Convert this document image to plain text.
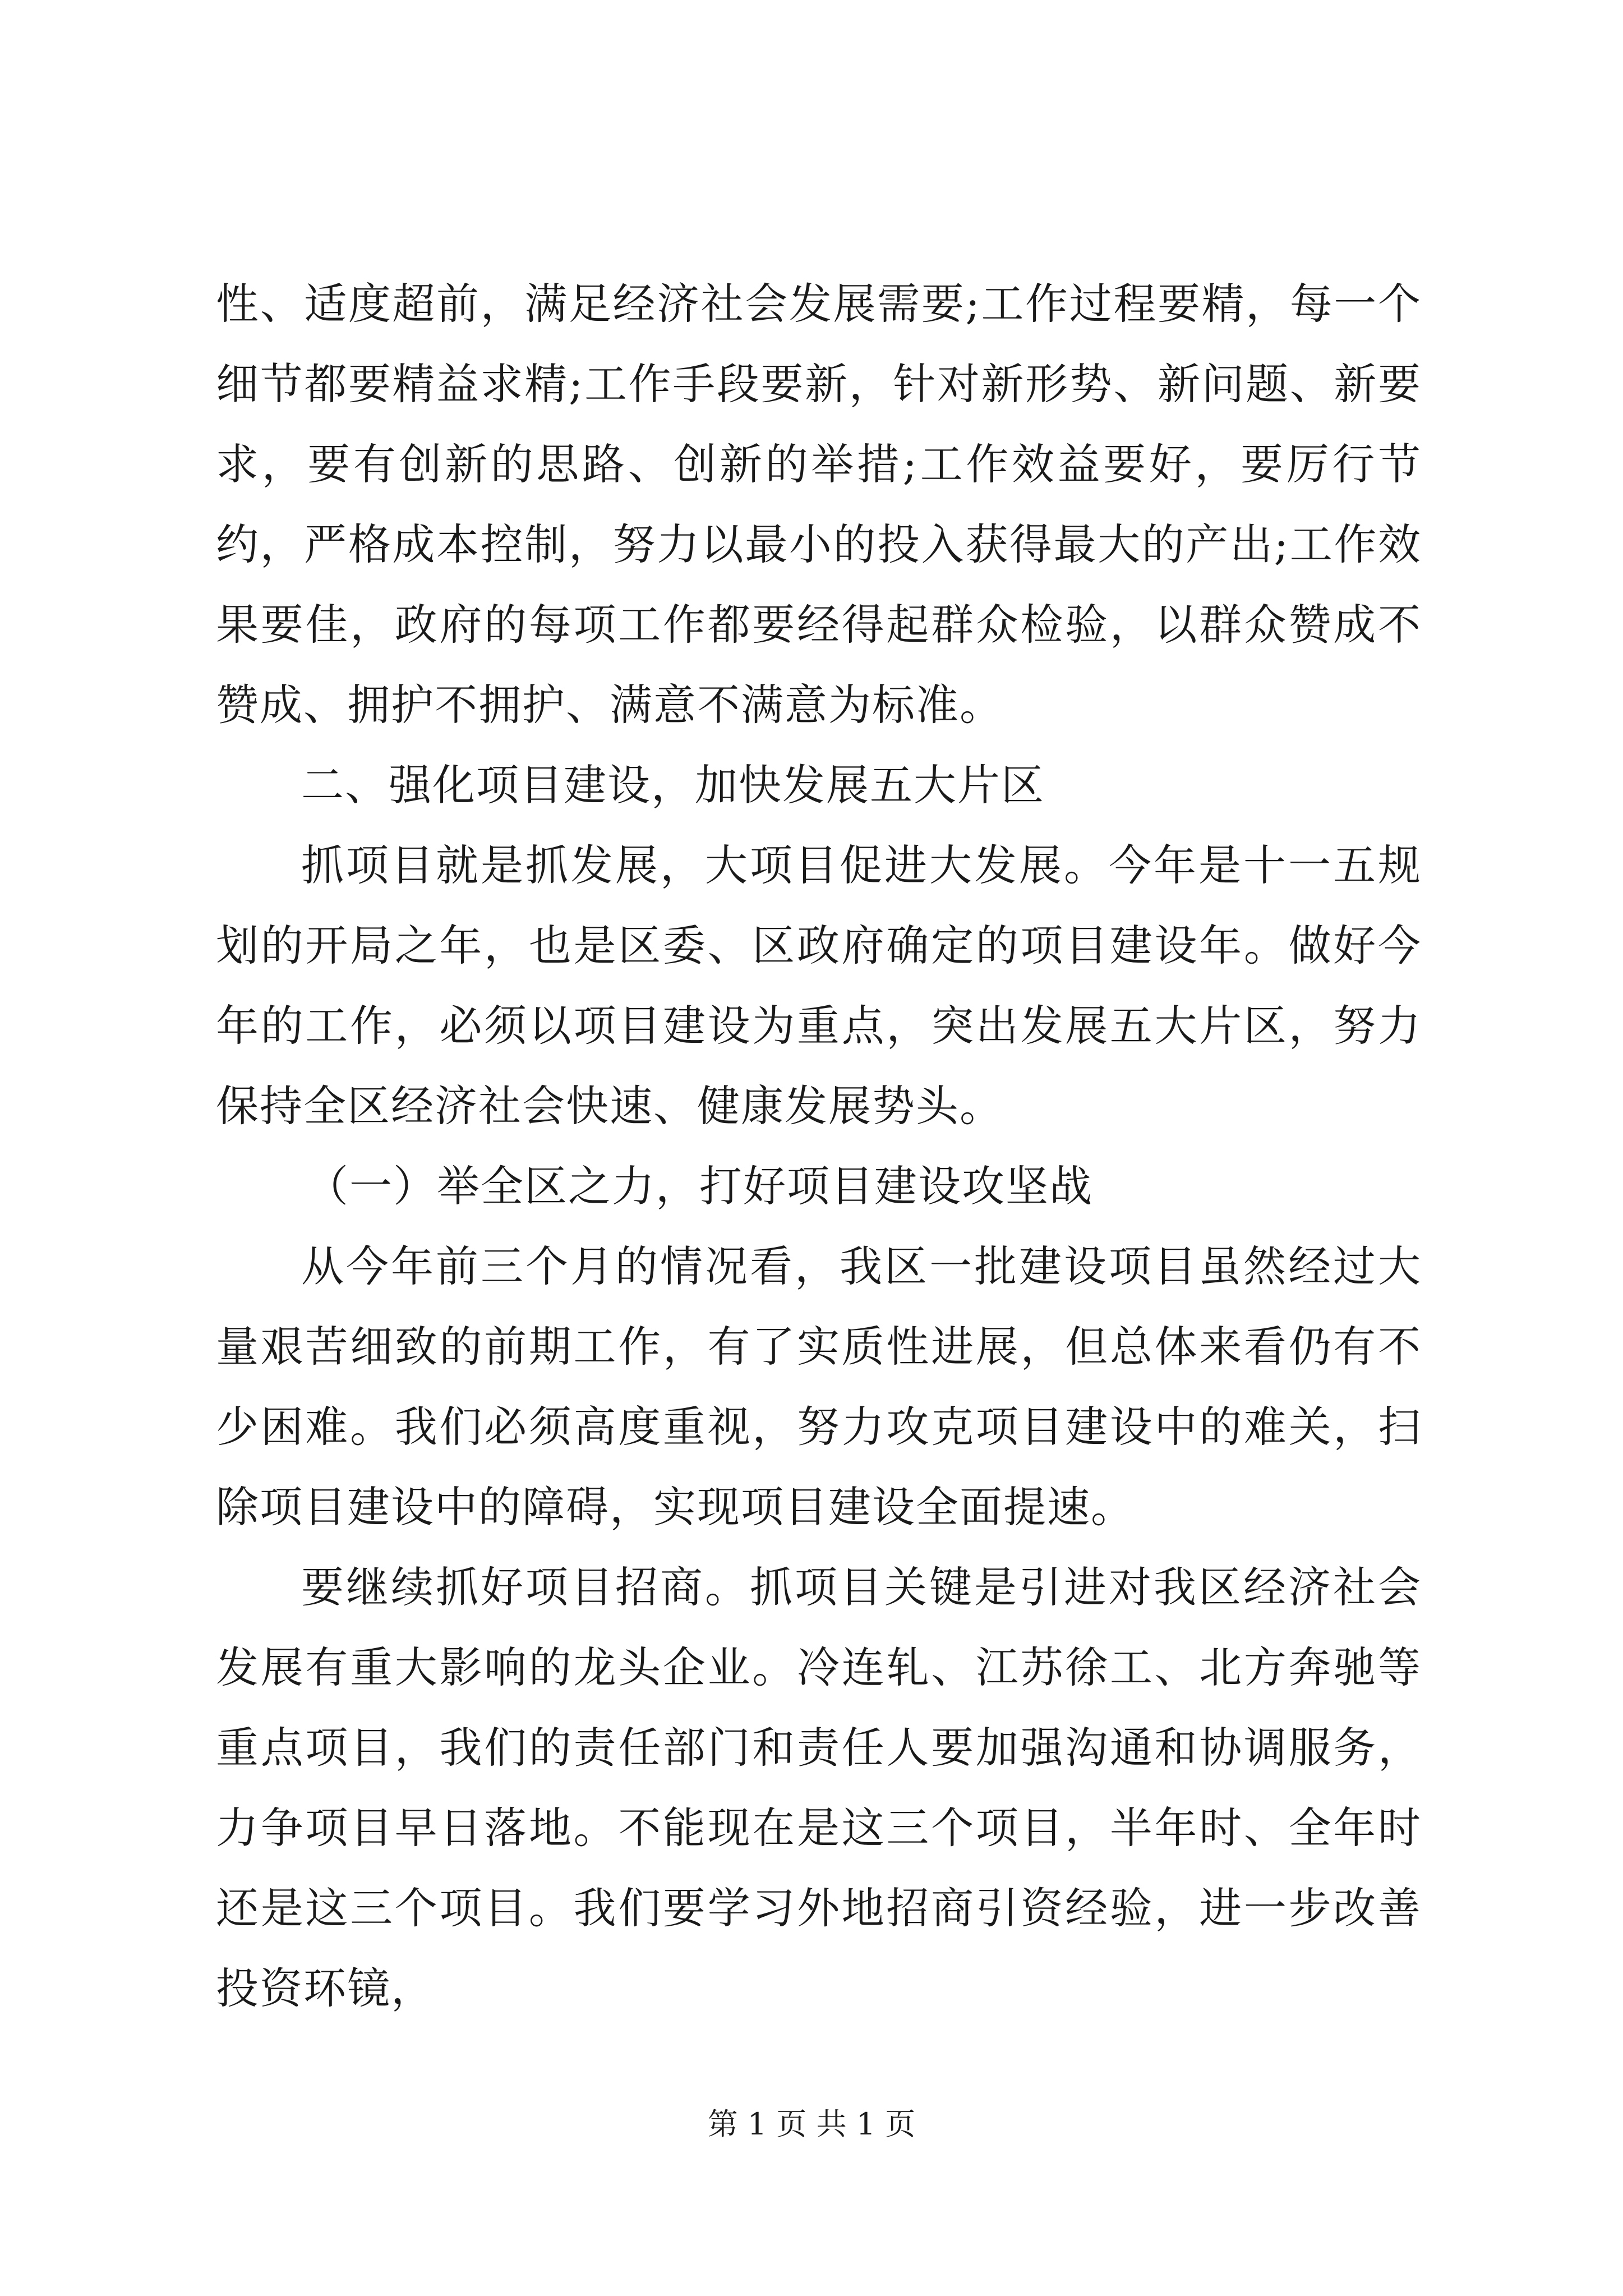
性、适度超前，满足经济社会发展需要;工作过程要精，每一个细节都要精益求精;工作手段要新，针对新形势、新问题、新要求，要有创新的思路、创新的举措;工作效益要好，要厉行节约，严格成本控制，努力以最小的投入获得最大的产出;工作效果要佳，政府的每项工作都要经得起群众检验，以群众赞成不赞成、拥护不拥护、满意不满意为标准。

二、强化项目建设，加快发展五大片区

抓项目就是抓发展，大项目促进大发展。今年是十一五规划的开局之年，也是区委、区政府确定的项目建设年。做好今年的工作，必须以项目建设为重点，突出发展五大片区，努力保持全区经济社会快速、健康发展势头。

（一）举全区之力，打好项目建设攻坚战

从今年前三个月的情况看，我区一批建设项目虽然经过大量艰苦细致的前期工作，有了实质性进展，但总体来看仍有不少困难。我们必须高度重视，努力攻克项目建设中的难关，扫除项目建设中的障碍，实现项目建设全面提速。

要继续抓好项目招商。抓项目关键是引进对我区经济社会发展有重大影响的龙头企业。冷连轧、江苏徐工、北方奔驰等重点项目，我们的责任部门和责任人要加强沟通和协调服务，力争项目早日落地。不能现在是这三个项目，半年时、全年时还是这三个项目。我们要学习外地招商引资经验，进一步改善投资环镜，

第 1 页 共 1 页
